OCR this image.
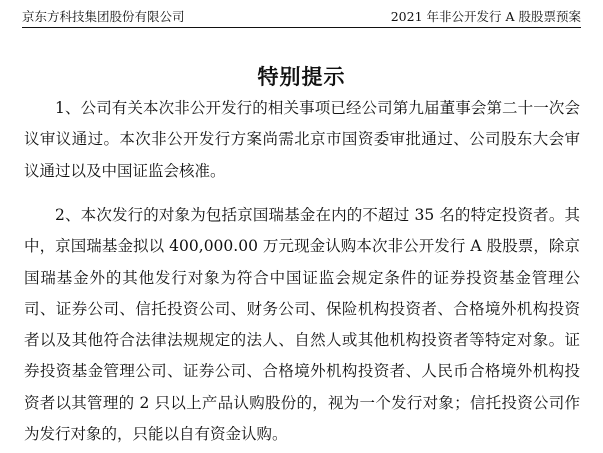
京东方科技集团股份有限公司	2021 年非公开发行 A 股股票预案
特别提示

1、公司有关本次非公开发行的相关事项已经公司第九届董事会第二十一次会议审议通过。本次非公开发行方案尚需北京市国资委审批通过、公司股东大会审议通过以及中国证监会核准。

2、本次发行的对象为包括京国瑞基金在内的不超过 35 名的特定投资者。其中，京国瑞基金拟以 400,000.00 万元现金认购本次非公开发行 A 股股票，除京国瑞基金外的其他发行对象为符合中国证监会规定条件的证券投资基金管理公司、证券公司、信托投资公司、财务公司、保险机构投资者、合格境外机构投资者以及其他符合法律法规规定的法人、自然人或其他机构投资者等特定对象。证券投资基金管理公司、证券公司、合格境外机构投资者、人民币合格境外机构投资者以其管理的 2 只以上产品认购股份的，视为一个发行对象；信托投资公司作为发行对象的，只能以自有资金认购。
